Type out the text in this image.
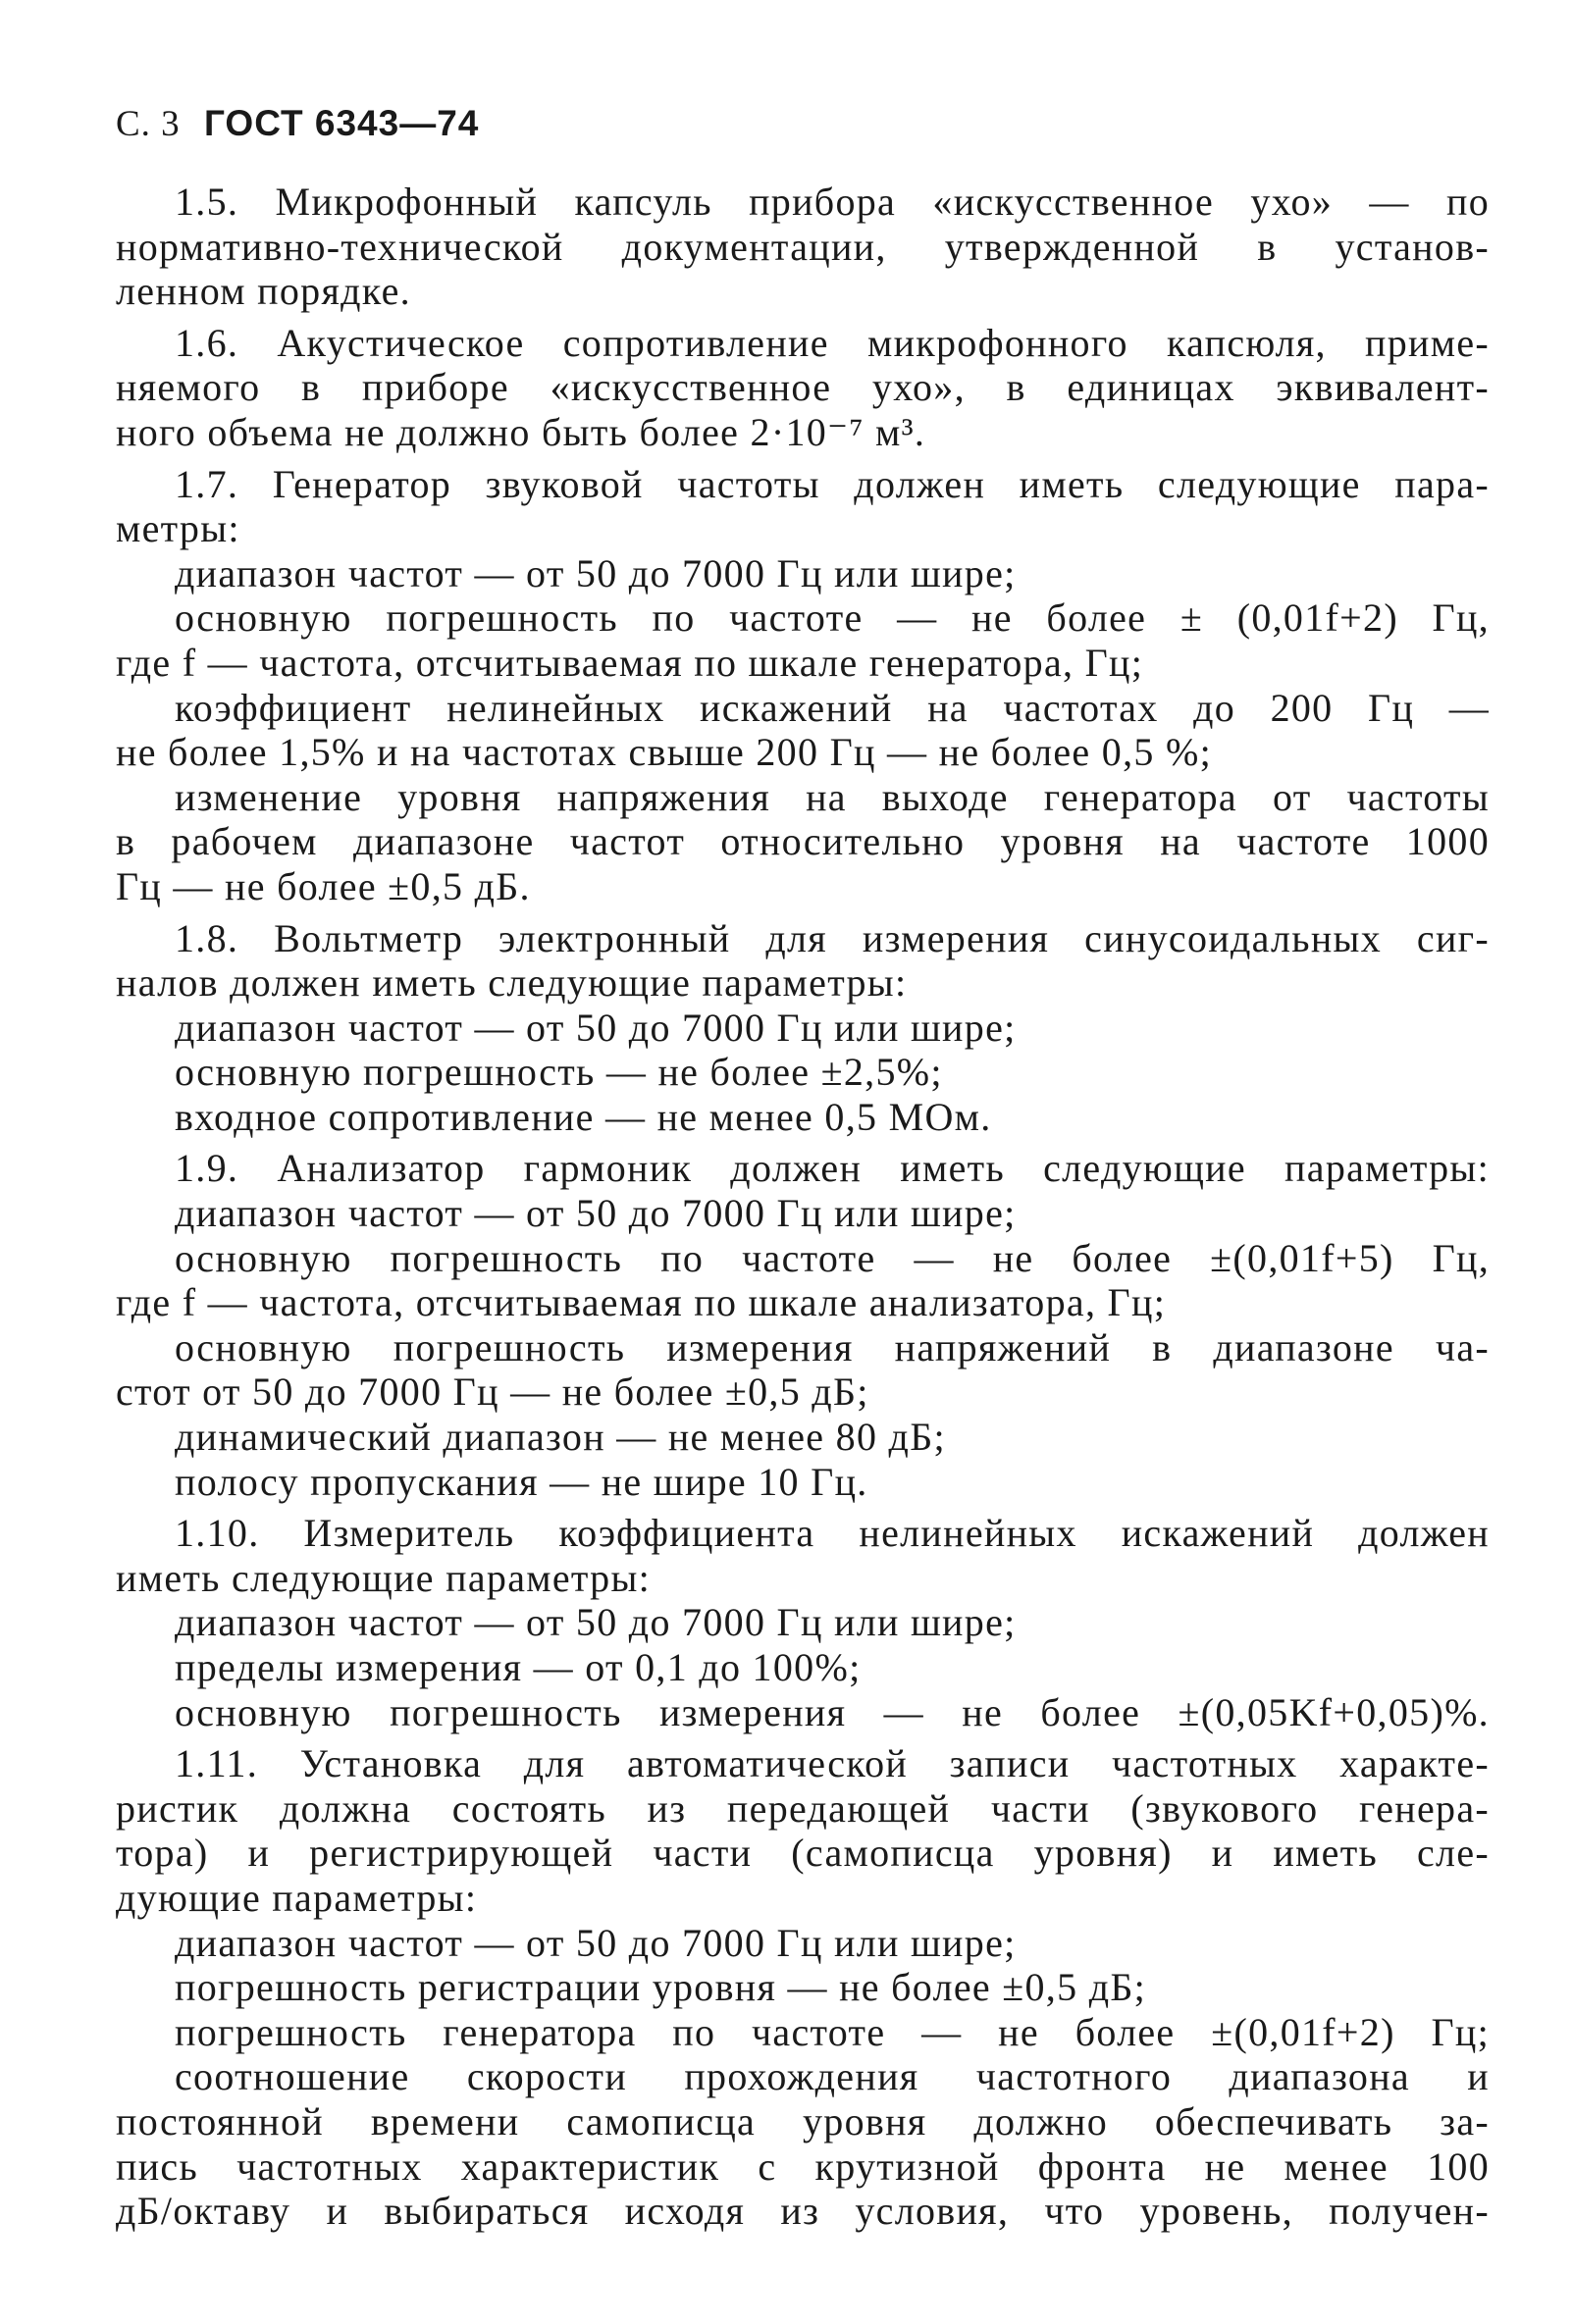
С. 3 ГОСТ 6343—74
1.5. Микрофонный капсуль прибора «искусственное ухо» — по
нормативно-технической документации, утвержденной в установ-
ленном порядке.
1.6. Акустическое сопротивление микрофонного капсюля, приме-
няемого в приборе «искусственное ухо», в единицах эквивалент-
ного объема не должно быть более 2·10⁻⁷ м³.
1.7. Генератор звуковой частоты должен иметь следующие пара-
метры:
диапазон частот — от 50 до 7000 Гц или шире;
основную погрешность по частоте — не более ± (0,01f+2) Гц,
где f — частота, отсчитываемая по шкале генератора, Гц;
коэффициент нелинейных искажений на частотах до 200 Гц —
не более 1,5% и на частотах свыше 200 Гц — не более 0,5 %;
изменение уровня напряжения на выходе генератора от частоты
в рабочем диапазоне частот относительно уровня на частоте 1000
Гц — не более ±0,5 дБ.
1.8. Вольтметр электронный для измерения синусоидальных сиг-
налов должен иметь следующие параметры:
диапазон частот — от 50 до 7000 Гц или шире;
основную погрешность — не более ±2,5%;
входное сопротивление — не менее 0,5 МОм.
1.9. Анализатор гармоник должен иметь следующие параметры:
диапазон частот — от 50 до 7000 Гц или шире;
основную погрешность по частоте — не более ±(0,01f+5) Гц,
где f — частота, отсчитываемая по шкале анализатора, Гц;
основную погрешность измерения напряжений в диапазоне ча-
стот от 50 до 7000 Гц — не более ±0,5 дБ;
динамический диапазон — не менее 80 дБ;
полосу пропускания — не шире 10 Гц.
1.10. Измеритель коэффициента нелинейных искажений должен
иметь следующие параметры:
диапазон частот — от 50 до 7000 Гц или шире;
пределы измерения — от 0,1 до 100%;
основную погрешность измерения — не более ±(0,05Kf+0,05)%.
1.11. Установка для автоматической записи частотных характе-
ристик должна состоять из передающей части (звукового генера-
тора) и регистрирующей части (самописца уровня) и иметь сле-
дующие параметры:
диапазон частот — от 50 до 7000 Гц или шире;
погрешность регистрации уровня — не более ±0,5 дБ;
погрешность генератора по частоте — не более ±(0,01f+2) Гц;
соотношение скорости прохождения частотного диапазона и
постоянной времени самописца уровня должно обеспечивать за-
пись частотных характеристик с крутизной фронта не менее 100
дБ/октаву и выбираться исходя из условия, что уровень, получен-
